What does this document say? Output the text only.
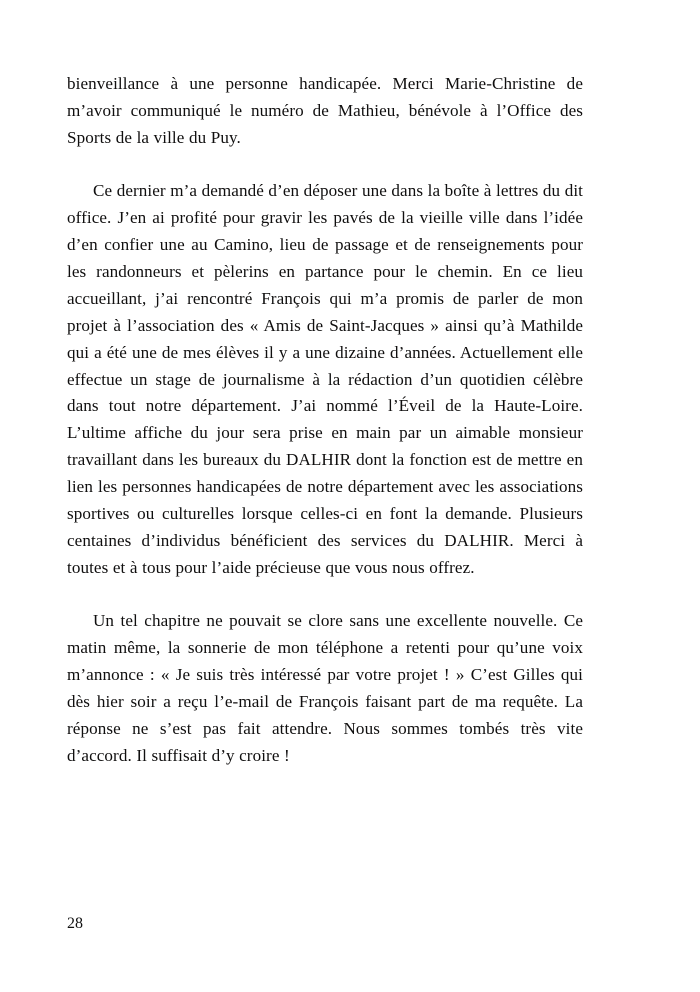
bienveillance à une personne handicapée. Merci Marie-Christine de m’avoir communiqué le numéro de Mathieu, bénévole à l’Office des Sports de la ville du Puy.

Ce dernier m’a demandé d’en déposer une dans la boîte à lettres du dit office. J’en ai profité pour gravir les pavés de la vieille ville dans l’idée d’en confier une au Camino, lieu de passage et de renseignements pour les randonneurs et pèlerins en partance pour le chemin. En ce lieu accueillant, j’ai rencontré François qui m’a promis de parler de mon projet à l’association des « Amis de Saint-Jacques » ainsi qu’à Mathilde qui a été une de mes élèves il y a une dizaine d’années. Actuellement elle effectue un stage de journalisme à la rédaction d’un quotidien célèbre dans tout notre département. J’ai nommé l’Éveil de la Haute-Loire. L’ultime affiche du jour sera prise en main par un aimable monsieur travaillant dans les bureaux du DALHIR dont la fonction est de mettre en lien les personnes handicapées de notre département avec les associations sportives ou culturelles lorsque celles-ci en font la demande. Plusieurs centaines d’individus bénéficient des services du DALHIR. Merci à toutes et à tous pour l’aide précieuse que vous nous offrez.

Un tel chapitre ne pouvait se clore sans une excellente nouvelle. Ce matin même, la sonnerie de mon téléphone a retenti pour qu’une voix m’annonce : « Je suis très intéressé par votre projet ! » C’est Gilles qui dès hier soir a reçu l’e-mail de François faisant part de ma requête. La réponse ne s’est pas fait attendre. Nous sommes tombés très vite d’accord. Il suffisait d’y croire !

28
